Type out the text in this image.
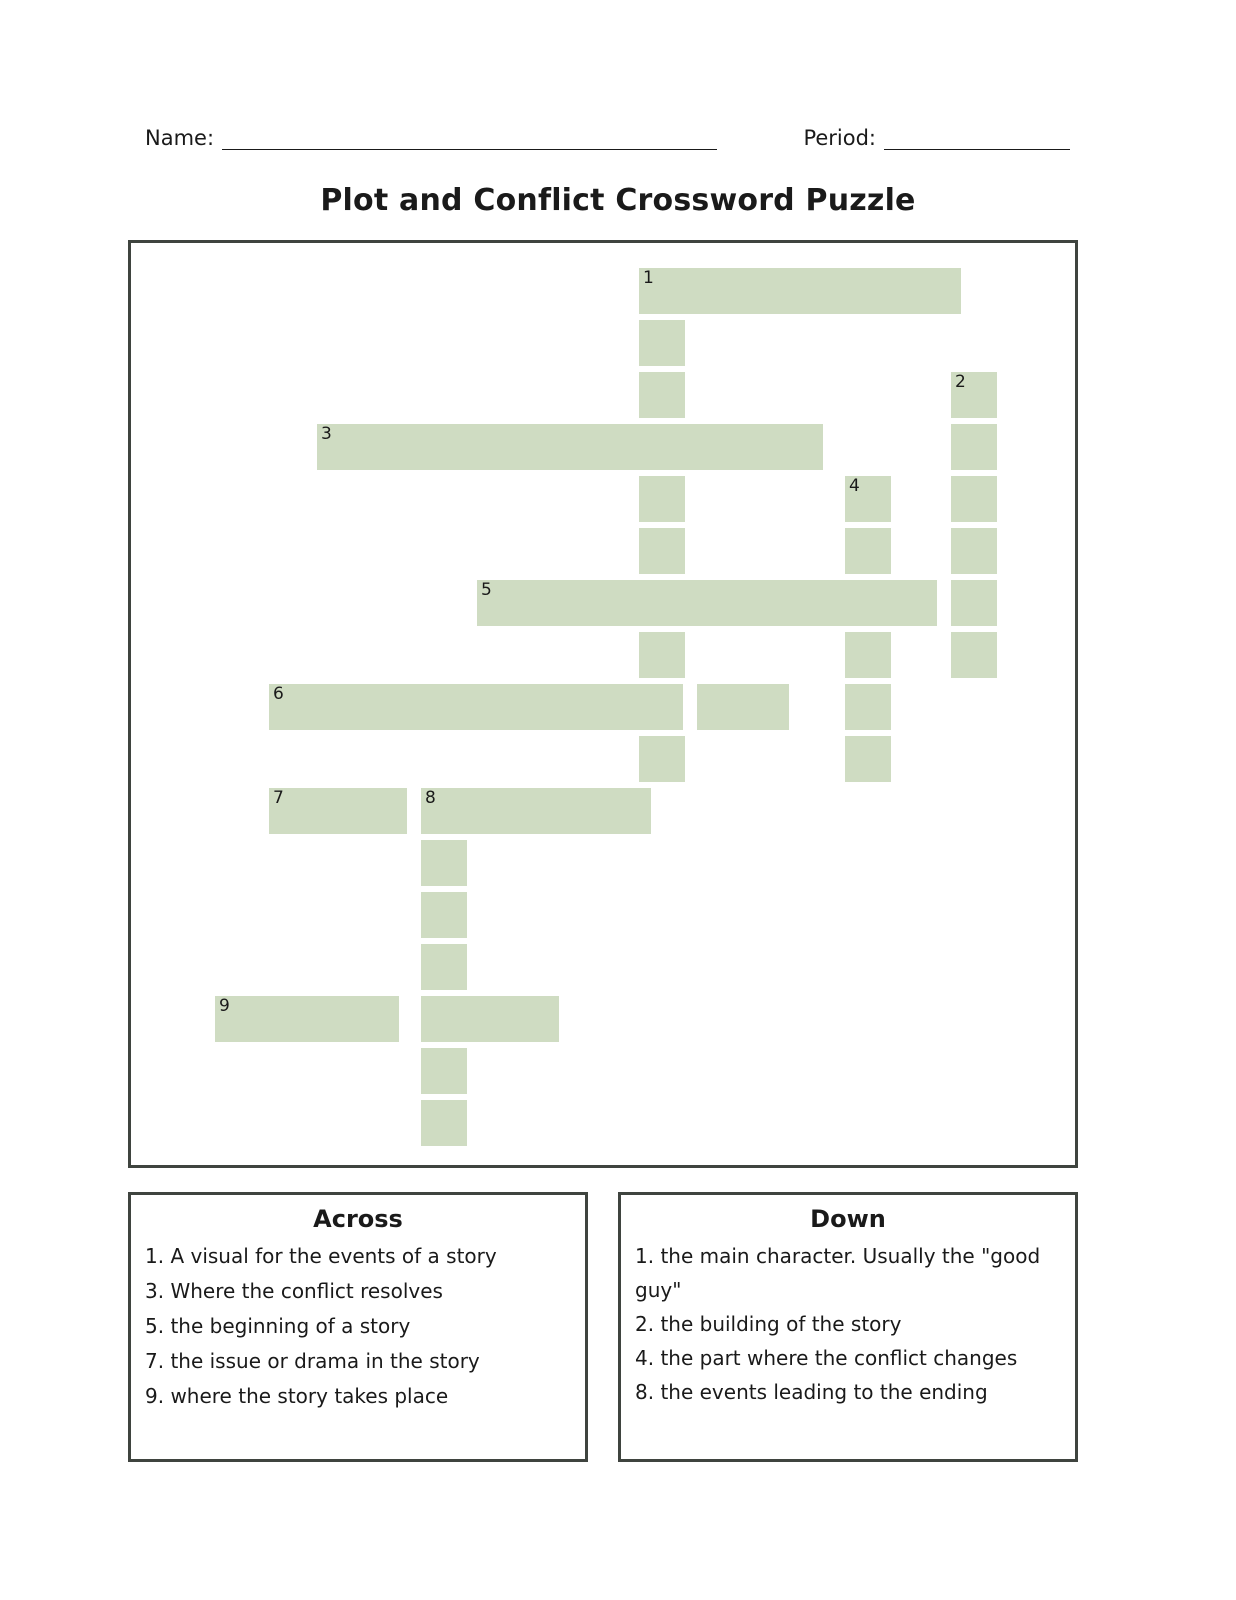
Name:	Period:
Plot and Conflict Crossword Puzzle
1
2
3
4
5
6
7	8
9
Across
1. A visual for the events of a story
3. Where the conflict resolves
5. the beginning of a story
7. the issue or drama in the story
9. where the story takes place
Down
1. the main character. Usually the "good guy"
2. the building of the story
4. the part where the conflict changes
8. the events leading to the ending
